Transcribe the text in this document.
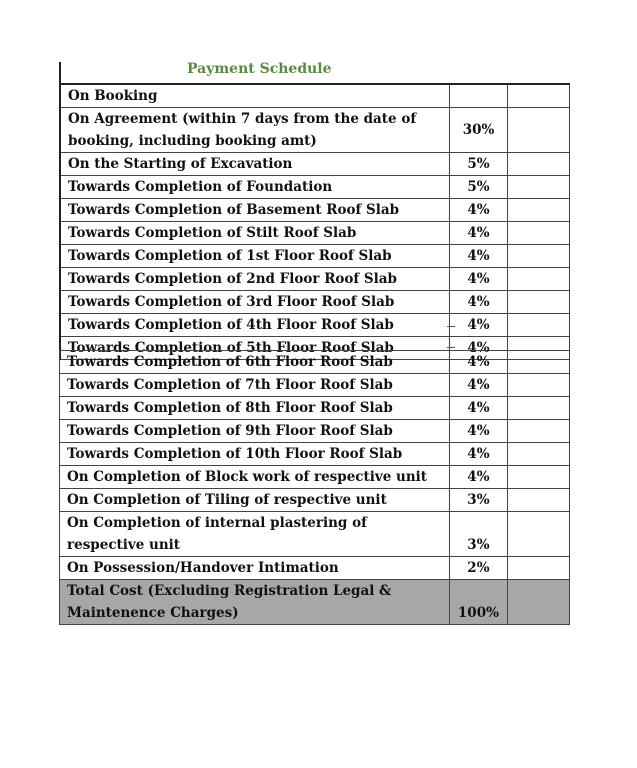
Payment Schedule
On Booking		
On Agreement (within 7 days from the date of booking, including booking amt)	30%	
On the Starting of Excavation	5%	
Towards Completion of Foundation	5%	
Towards Completion of Basement Roof Slab	4%	
Towards Completion of Stilt Roof Slab	4%	
Towards Completion of 1st Floor Roof Slab	4%	
Towards Completion of 2nd Floor Roof Slab	4%	
Towards Completion of 3rd Floor Roof Slab	4%	
Towards Completion of 4th Floor Roof Slab	4%	
Towards Completion of 5th Floor Roof Slab	4%	
Towards Completion of 6th Floor Roof Slab	4%	
Towards Completion of 7th Floor Roof Slab	4%	
Towards Completion of 8th Floor Roof Slab	4%	
Towards Completion of 9th Floor Roof Slab	4%	
Towards Completion of 10th Floor Roof Slab	4%	
On Completion of Block work of respective unit	4%	
On Completion of Tiling of respective unit	3%	
On Completion of internal plastering of respective unit	3%	
On Possession/Handover Intimation	2%	
Total Cost (Excluding Registration Legal & Maintenence Charges)	100%	
